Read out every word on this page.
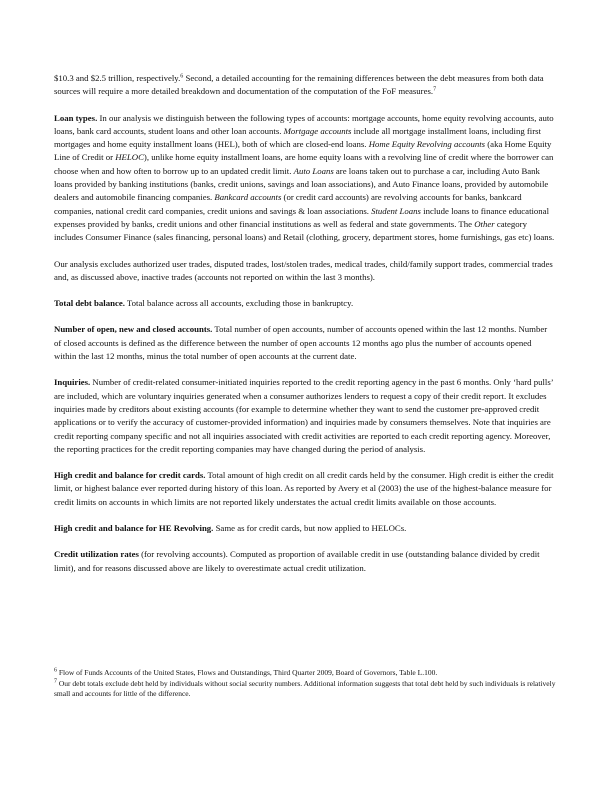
$10.3 and $2.5 trillion, respectively.$^6$ Second, a detailed accounting for the remaining differences between the debt measures from both data sources will require a more detailed breakdown and documentation of the computation of the FoF measures.$^7$

Loan types. In our analysis we distinguish between the following types of accounts: mortgage accounts, home equity revolving accounts, auto loans, bank card accounts, student loans and other loan accounts. Mortgage accounts include all mortgage installment loans, including first mortgages and home equity installment loans (HEL), both of which are closed-end loans. Home Equity Revolving accounts (aka Home Equity Line of Credit or HELOC), unlike home equity installment loans, are home equity loans with a revolving line of credit where the borrower can choose when and how often to borrow up to an updated credit limit. Auto Loans are loans taken out to purchase a car, including Auto Bank loans provided by banking institutions (banks, credit unions, savings and loan associations), and Auto Finance loans, provided by automobile dealers and automobile financing companies. Bankcard accounts (or credit card accounts) are revolving accounts for banks, bankcard companies, national credit card companies, credit unions and savings & loan associations. Student Loans include loans to finance educational expenses provided by banks, credit unions and other financial institutions as well as federal and state governments. The Other category includes Consumer Finance (sales financing, personal loans) and Retail (clothing, grocery, department stores, home furnishings, gas etc) loans.

Our analysis excludes authorized user trades, disputed trades, lost/stolen trades, medical trades, child/family support trades, commercial trades and, as discussed above, inactive trades (accounts not reported on within the last 3 months).

Total debt balance. Total balance across all accounts, excluding those in bankruptcy.

Number of open, new and closed accounts. Total number of open accounts, number of accounts opened within the last 12 months. Number of closed accounts is defined as the difference between the number of open accounts 12 months ago plus the number of accounts opened within the last 12 months, minus the total number of open accounts at the current date.

Inquiries. Number of credit-related consumer-initiated inquiries reported to the credit reporting agency in the past 6 months. Only ‘hard pulls’ are included, which are voluntary inquiries generated when a consumer authorizes lenders to request a copy of their credit report. It excludes inquiries made by creditors about existing accounts (for example to determine whether they want to send the customer pre-approved credit applications or to verify the accuracy of customer-provided information) and inquiries made by consumers themselves. Note that inquiries are credit reporting company specific and not all inquiries associated with credit activities are reported to each credit reporting agency. Moreover, the reporting practices for the credit reporting companies may have changed during the period of analysis.

High credit and balance for credit cards. Total amount of high credit on all credit cards held by the consumer. High credit is either the credit limit, or highest balance ever reported during history of this loan. As reported by Avery et al (2003) the use of the highest-balance measure for credit limits on accounts in which limits are not reported likely understates the actual credit limits available on those accounts.

High credit and balance for HE Revolving. Same as for credit cards, but now applied to HELOCs.

Credit utilization rates (for revolving accounts). Computed as proportion of available credit in use (outstanding balance divided by credit limit), and for reasons discussed above are likely to overestimate actual credit utilization.

$^6$ Flow of Funds Accounts of the United States, Flows and Outstandings, Third Quarter 2009, Board of Governors, Table L.100.
$^7$ Our debt totals exclude debt held by individuals without social security numbers. Additional information suggests that total debt held by such individuals is relatively small and accounts for little of the difference.
